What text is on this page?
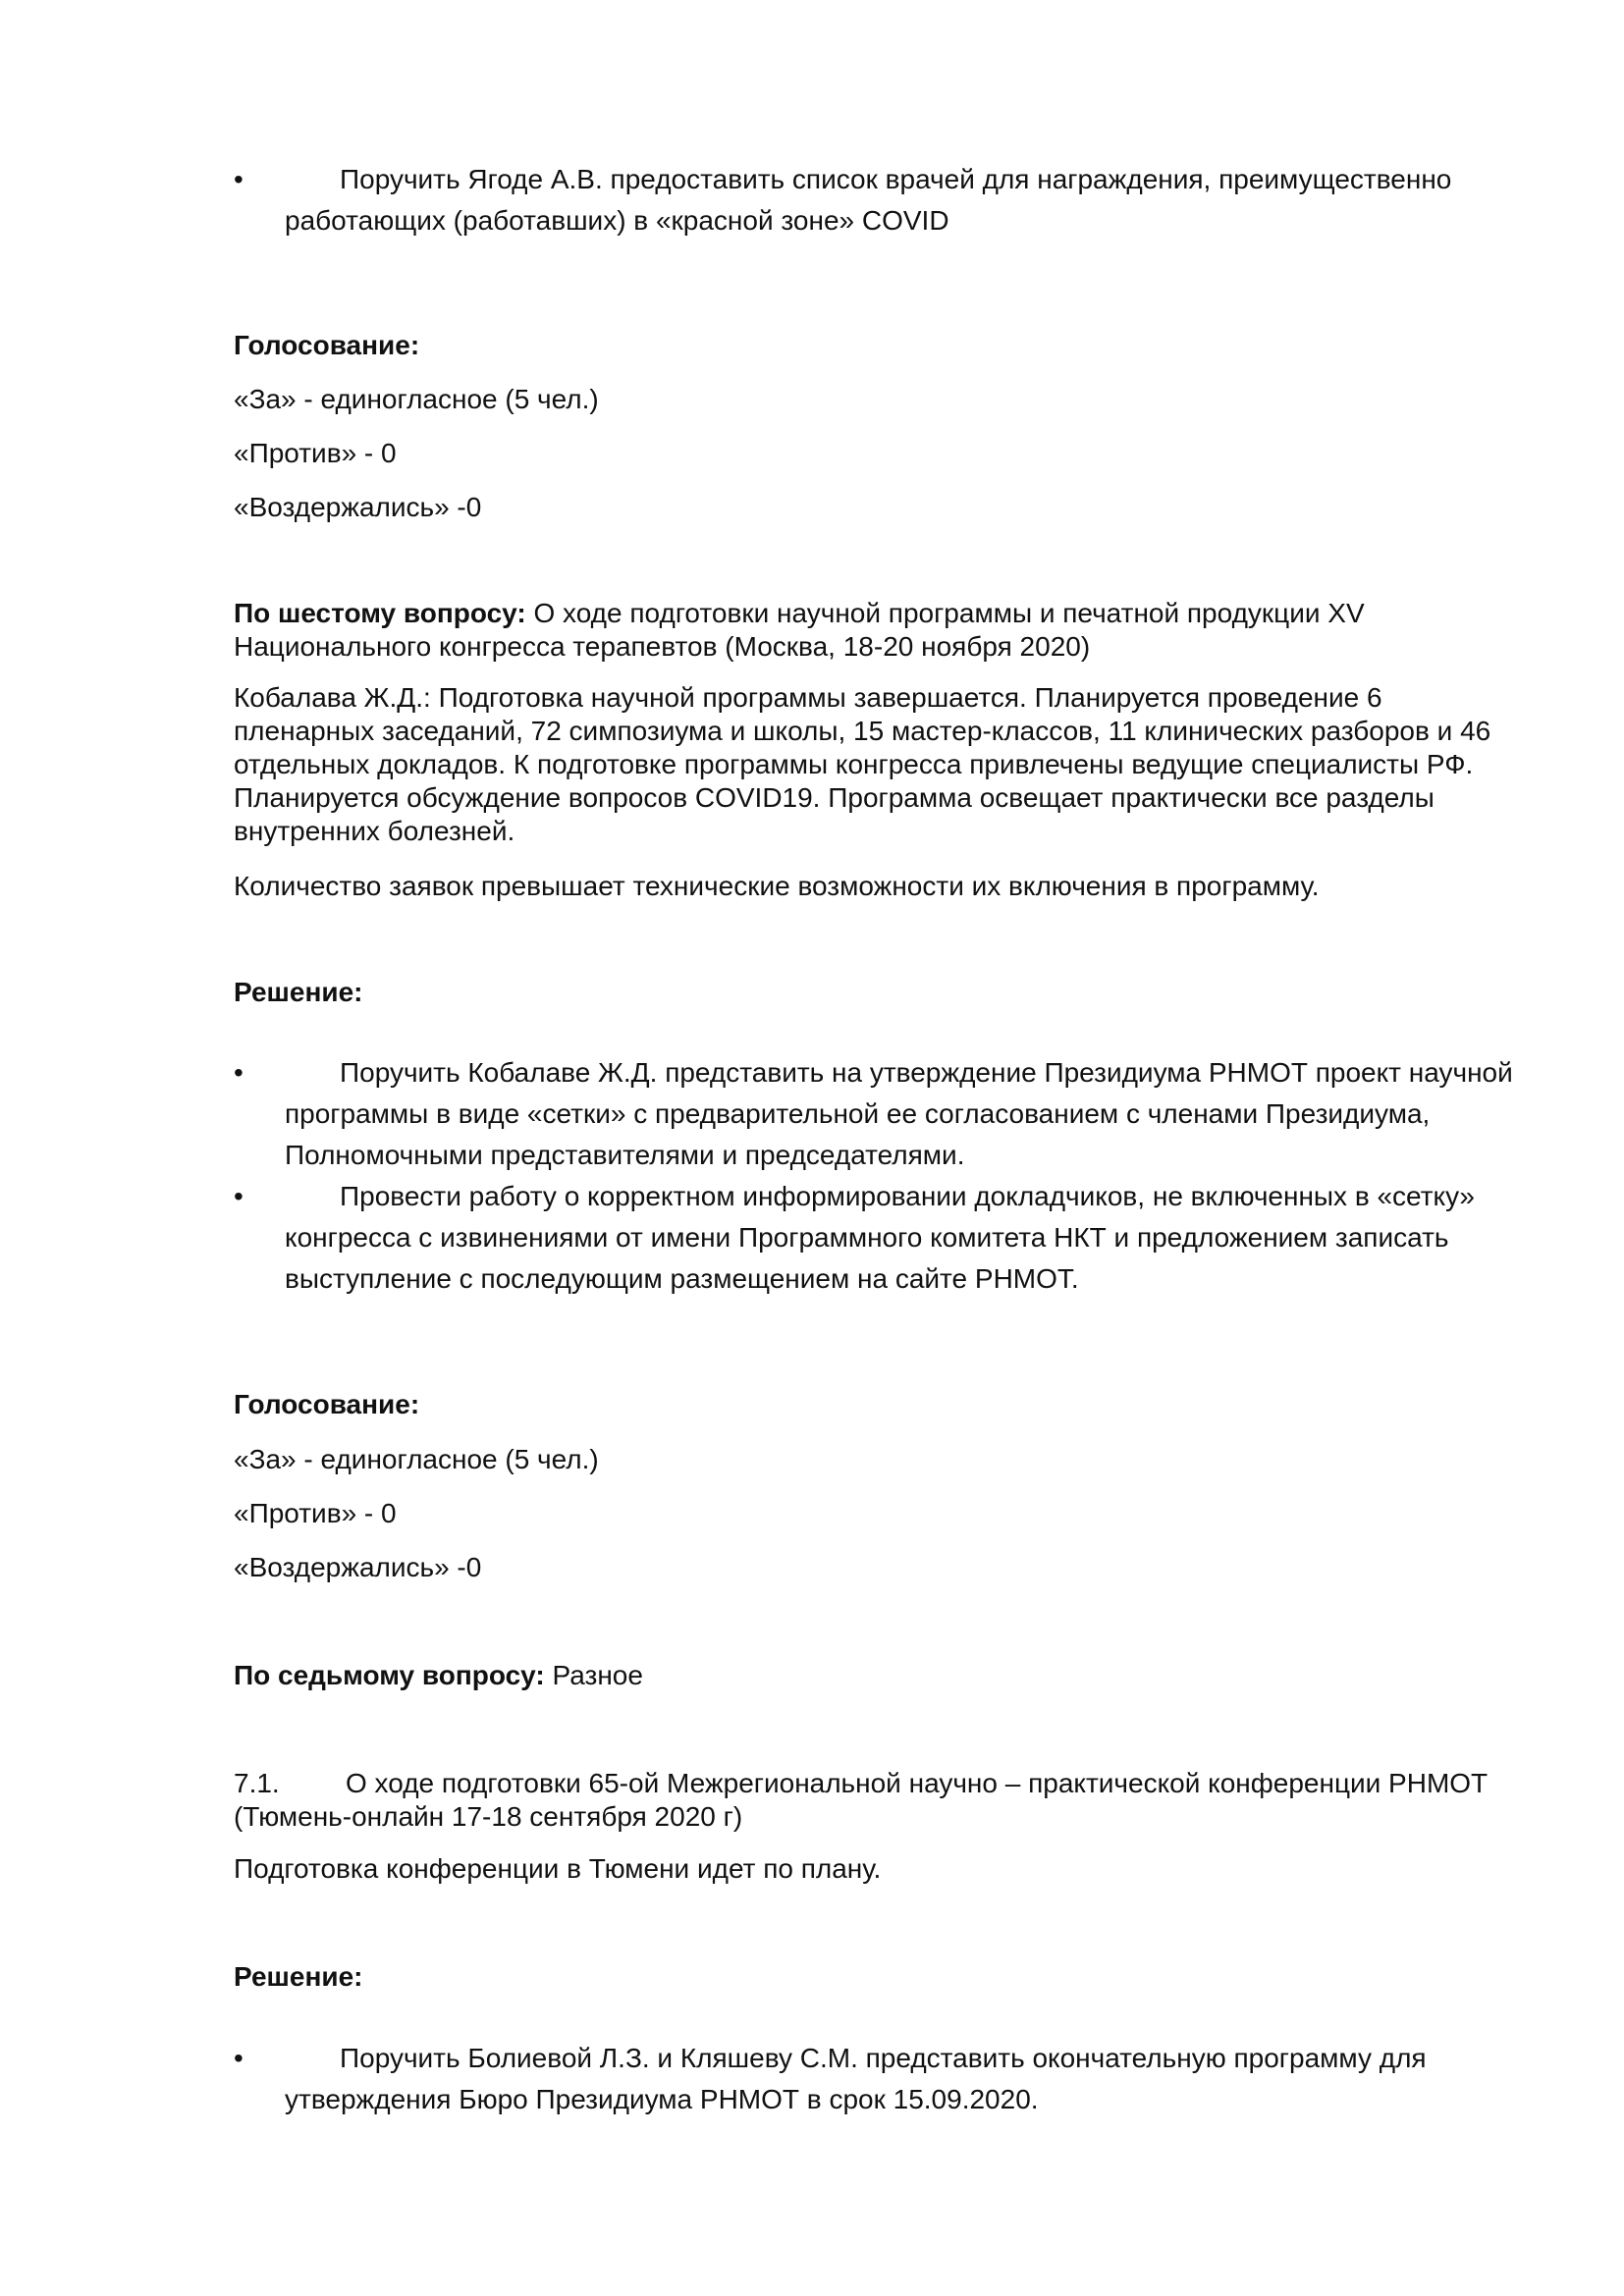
•	Поручить Ягоде А.В. предоставить список врачей для награждения, преимущественно работающих (работавших) в «красной зоне» COVID

Голосование:

«За» - единогласное (5 чел.)

«Против» - 0

«Воздержались» -0

По шестому вопросу: О ходе подготовки научной программы и печатной продукции XV Национального конгресса терапевтов (Москва, 18-20 ноября 2020)

Кобалава Ж.Д.: Подготовка научной программы завершается. Планируется проведение 6 пленарных заседаний, 72 симпозиума и школы, 15 мастер-классов, 11 клинических разборов и 46 отдельных докладов. К подготовке программы конгресса привлечены ведущие специалисты РФ. Планируется обсуждение вопросов COVID19. Программа освещает практически все разделы внутренних болезней.

Количество заявок превышает технические возможности их включения в программу.

Решение:

•	Поручить Кобалаве Ж.Д. представить на утверждение Президиума РНМОТ проект научной программы в виде «сетки» с предварительной ее согласованием с членами Президиума, Полномочными представителями и председателями.
•	Провести работу о корректном информировании докладчиков, не включенных в «сетку» конгресса с извинениями от имени Программного комитета НКТ и предложением записать выступление с последующим размещением на сайте РНМОТ.

Голосование:

«За» - единогласное (5 чел.)

«Против» - 0

«Воздержались» -0

По седьмому вопросу: Разное

7.1. О ходе подготовки 65-ой Межрегиональной научно – практической конференции РНМОТ (Тюмень-онлайн 17-18 сентября 2020 г)

Подготовка конференции в Тюмени идет по плану.

Решение:

•	Поручить Болиевой Л.З. и Кляшеву С.М. представить окончательную программу для утверждения Бюро Президиума РНМОТ в срок 15.09.2020.
